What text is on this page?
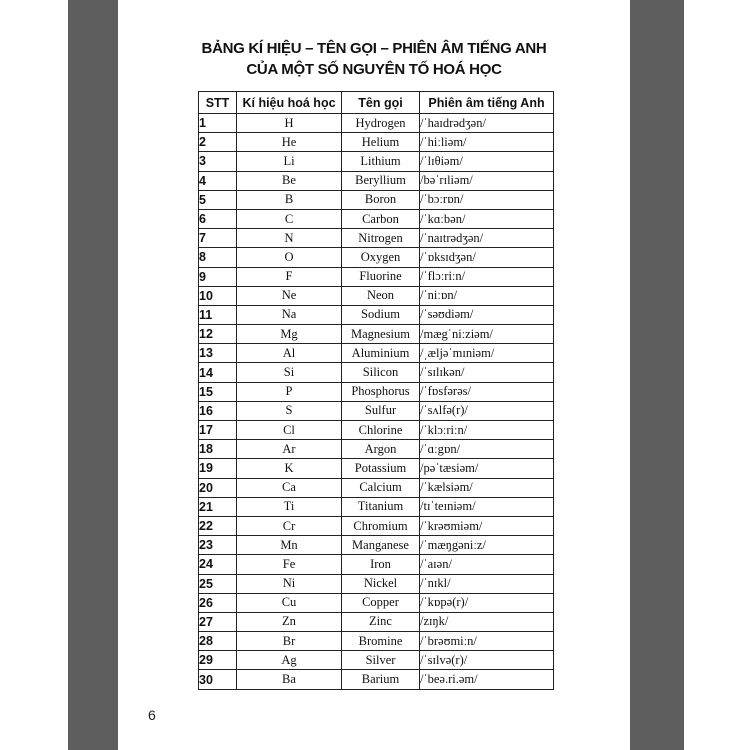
BẢNG KÍ HIỆU – TÊN GỌI – PHIÊN ÂM TIẾNG ANH
CỦA MỘT SỐ NGUYÊN TỐ HOÁ HỌC
STT	Kí hiệu hoá học	Tên gọi	Phiên âm tiếng Anh
1	H	Hydrogen	/ˈhaɪdrədʒən/
2	He	Helium	/ˈhiːliəm/
3	Li	Lithium	/ˈlɪθiəm/
4	Be	Beryllium	/bəˈrɪliəm/
5	B	Boron	/ˈbɔːrɒn/
6	C	Carbon	/ˈkɑːbən/
7	N	Nitrogen	/ˈnaɪtrədʒən/
8	O	Oxygen	/ˈɒksɪdʒən/
9	F	Fluorine	/ˈflɔːriːn/
10	Ne	Neon	/ˈniːɒn/
11	Na	Sodium	/ˈsəʊdiəm/
12	Mg	Magnesium	/mægˈniːziəm/
13	Al	Aluminium	/ˌæljəˈmɪniəm/
14	Si	Silicon	/ˈsɪlɪkən/
15	P	Phosphorus	/ˈfɒsfərəs/
16	S	Sulfur	/ˈsʌlfə(r)/
17	Cl	Chlorine	/ˈklɔːriːn/
18	Ar	Argon	/ˈɑːgɒn/
19	K	Potassium	/pəˈtæsiəm/
20	Ca	Calcium	/ˈkælsiəm/
21	Ti	Titanium	/tɪˈteɪniəm/
22	Cr	Chromium	/ˈkrəʊmiəm/
23	Mn	Manganese	/ˈmæŋgəniːz/
24	Fe	Iron	/ˈaɪən/
25	Ni	Nickel	/ˈnɪkl/
26	Cu	Copper	/ˈkɒpə(r)/
27	Zn	Zinc	/zɪŋk/
28	Br	Bromine	/ˈbrəʊmiːn/
29	Ag	Silver	/ˈsɪlvə(r)/
30	Ba	Barium	/ˈbeə.ri.əm/
6
